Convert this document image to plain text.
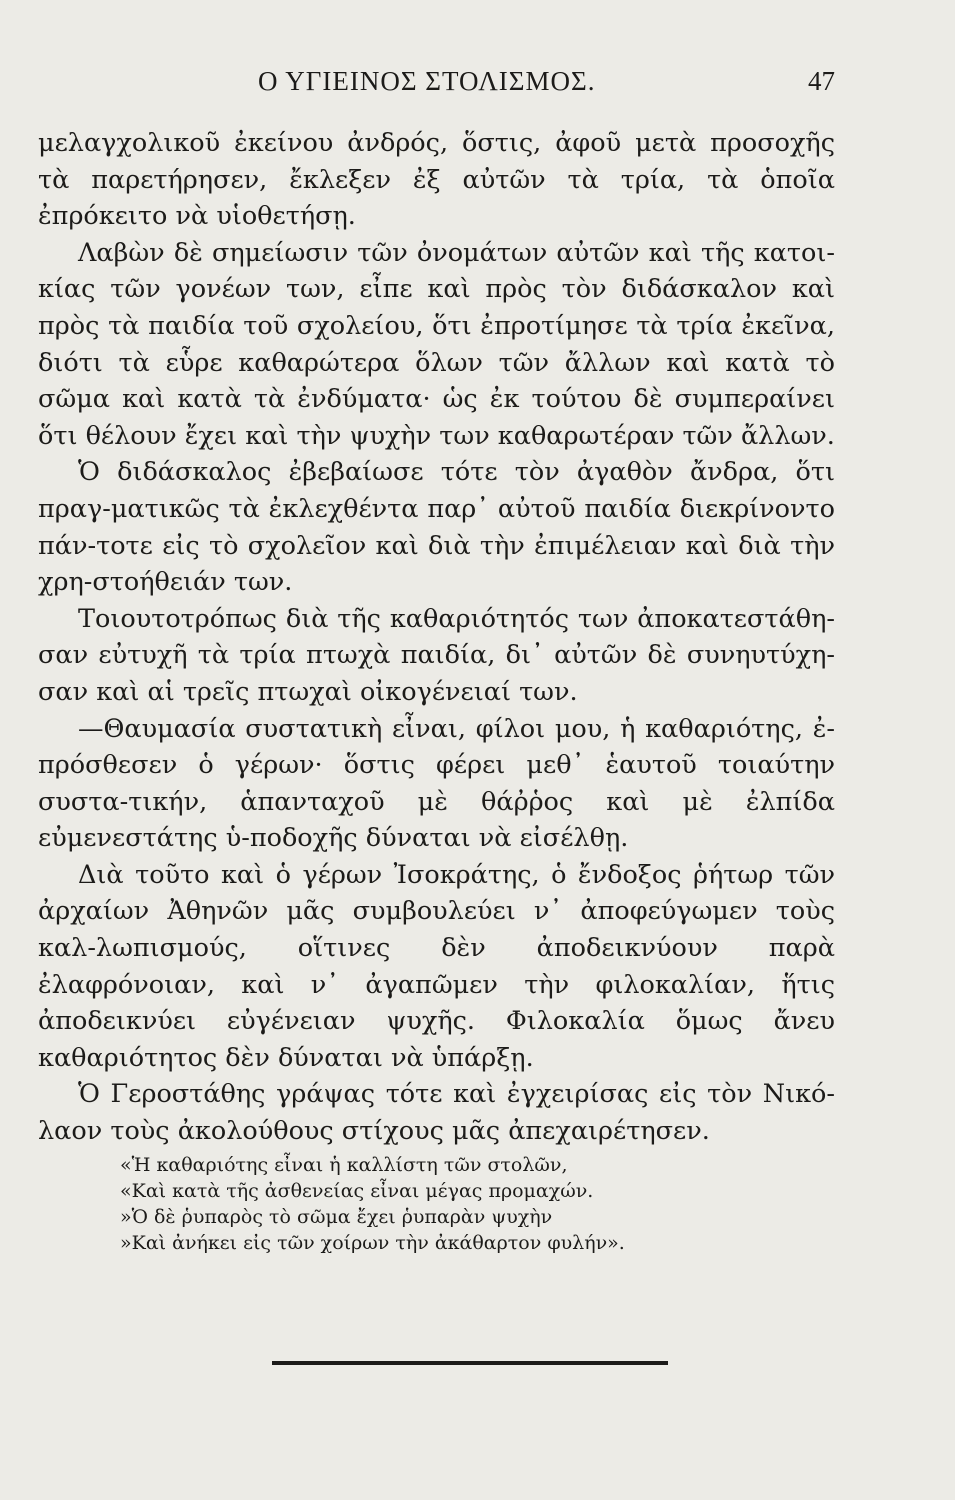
Ο ΥΓΙΕΙΝΟΣ ΣΤΟΛΙΣΜΟΣ.	47

μελαγχολικοῦ ἐκείνου ἀνδρός, ὅστις, ἀφοῦ μετὰ προσοχῆς τὰ παρετήρησεν, ἔκλεξεν ἐξ αὐτῶν τὰ τρία, τὰ ὁποῖα ἐπρόκειτο νὰ υἱοθετήσῃ.

Λαβὼν δὲ σημείωσιν τῶν ὀνομάτων αὐτῶν καὶ τῆς κατοι-κίας τῶν γονέων των, εἶπε καὶ πρὸς τὸν διδάσκαλον καὶ πρὸς τὰ παιδία τοῦ σχολείου, ὅτι ἐπροτίμησε τὰ τρία ἐκεῖνα, διότι τὰ εὗρε καθαρώτερα ὅλων τῶν ἄλλων καὶ κατὰ τὸ σῶμα καὶ κατὰ τὰ ἐνδύματα· ὡς ἐκ τούτου δὲ συμπεραίνει ὅτι θέλουν ἔχει καὶ τὴν ψυχὴν των καθαρωτέραν τῶν ἄλλων.

Ὁ διδάσκαλος ἐβεβαίωσε τότε τὸν ἀγαθὸν ἄνδρα, ὅτι πραγ-ματικῶς τὰ ἐκλεχθέντα παρ᾽ αὐτοῦ παιδία διεκρίνοντο πάν-τοτε εἰς τὸ σχολεῖον καὶ διὰ τὴν ἐπιμέλειαν καὶ διὰ τὴν χρη-στοήθειάν των.

Τοιουτοτρόπως διὰ τῆς καθαριότητός των ἀποκατεστάθη-σαν εὐτυχῆ τὰ τρία πτωχὰ παιδία, δι᾽ αὐτῶν δὲ συνηυτύχη-σαν καὶ αἱ τρεῖς πτωχαὶ οἰκογένειαί των.

—Θαυμασία συστατικὴ εἶναι, φίλοι μου, ἡ καθαριότης, ἐ-πρόσθεσεν ὁ γέρων· ὅστις φέρει μεθ᾽ ἑαυτοῦ τοιαύτην συστα-τικήν, ἁπανταχοῦ μὲ θάῤῥος καὶ μὲ ἐλπίδα εὐμενεστάτης ὑ-ποδοχῆς δύναται νὰ εἰσέλθῃ.

Διὰ τοῦτο καὶ ὁ γέρων Ἰσοκράτης, ὁ ἔνδοξος ῥήτωρ τῶν ἀρχαίων Ἀθηνῶν μᾶς συμβουλεύει ν᾽ ἀποφεύγωμεν τοὺς καλ-λωπισμούς, οἵτινες δὲν ἀποδεικνύουν παρὰ ἐλαφρόνοιαν, καὶ ν᾽ ἀγαπῶμεν τὴν φιλοκαλίαν, ἥτις ἀποδεικνύει εὐγένειαν ψυχῆς. Φιλοκαλία ὅμως ἄνευ καθαριότητος δὲν δύναται νὰ ὑπάρξῃ.

Ὁ Γεροστάθης γράψας τότε καὶ ἐγχειρίσας εἰς τὸν Νικό-λαον τοὺς ἀκολούθους στίχους μᾶς ἀπεχαιρέτησεν.

«Ἡ καθαριότης εἶναι ἡ καλλίστη τῶν στολῶν,
«Καὶ κατὰ τῆς ἀσθενείας εἶναι μέγας προμαχών.
»Ὁ δὲ ῥυπαρὸς τὸ σῶμα ἔχει ῥυπαρὰν ψυχὴν
»Καὶ ἀνήκει εἰς τῶν χοίρων τὴν ἀκάθαρτον φυλήν».
